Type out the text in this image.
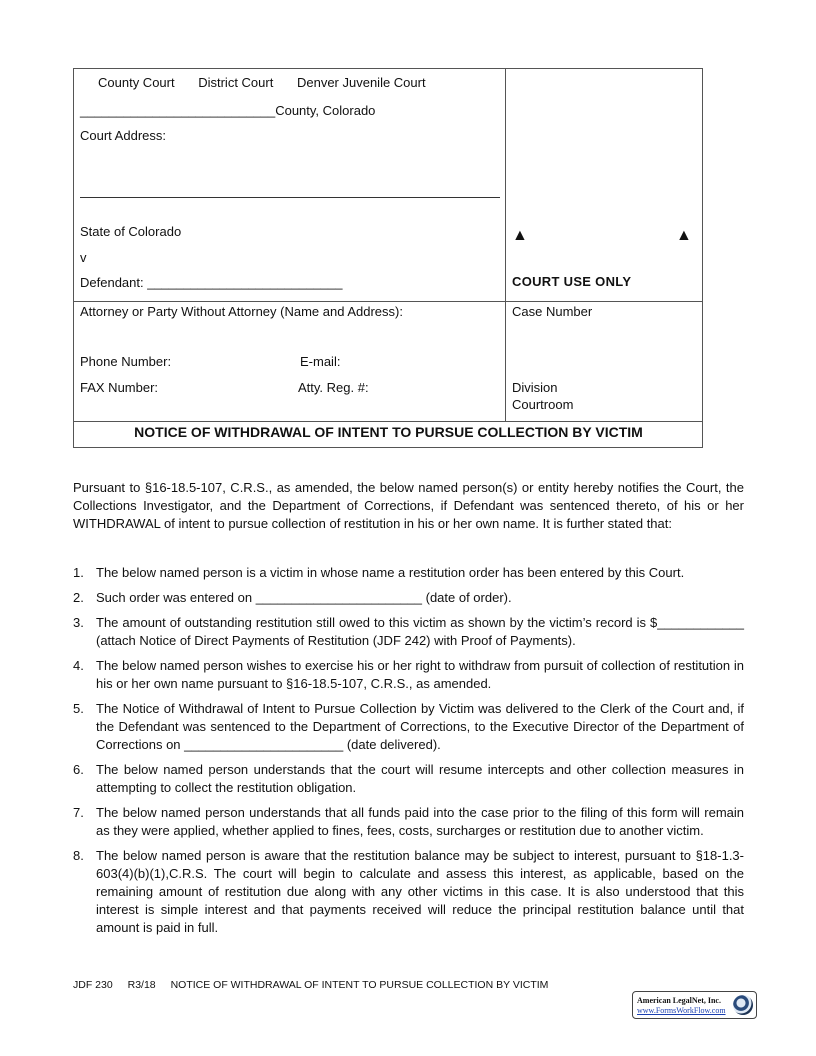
County Court District Court Denver Juvenile Court
___________________________County, Colorado
Court Address:
State of Colorado
v
Defendant: ___________________________
▲	▲
COURT USE ONLY
Attorney or Party Without Attorney (Name and Address):
Phone Number:	E-mail:
FAX Number:	Atty. Reg. #:
Case Number
Division
Courtroom
NOTICE OF WITHDRAWAL OF INTENT TO PURSUE COLLECTION BY VICTIM
Pursuant to §16-18.5-107, C.R.S., as amended, the below named person(s) or entity hereby notifies the Court, the Collections Investigator, and the Department of Corrections, if Defendant was sentenced thereto, of his or her WITHDRAWAL of intent to pursue collection of restitution in his or her own name. It is further stated that:
1. The below named person is a victim in whose name a restitution order has been entered by this Court.
2. Such order was entered on _______________________ (date of order).
3. The amount of outstanding restitution still owed to this victim as shown by the victim’s record is $____________ (attach Notice of Direct Payments of Restitution (JDF 242) with Proof of Payments).
4. The below named person wishes to exercise his or her right to withdraw from pursuit of collection of restitution in his or her own name pursuant to §16-18.5-107, C.R.S., as amended.
5. The Notice of Withdrawal of Intent to Pursue Collection by Victim was delivered to the Clerk of the Court and, if the Defendant was sentenced to the Department of Corrections, to the Executive Director of the Department of Corrections on ______________________ (date delivered).
6. The below named person understands that the court will resume intercepts and other collection measures in attempting to collect the restitution obligation.
7. The below named person understands that all funds paid into the case prior to the filing of this form will remain as they were applied, whether applied to fines, fees, costs, surcharges or restitution due to another victim.
8. The below named person is aware that the restitution balance may be subject to interest, pursuant to §18-1.3-603(4)(b)(1),C.R.S. The court will begin to calculate and assess this interest, as applicable, based on the remaining amount of restitution due along with any other victims in this case. It is also understood that this interest is simple interest and that payments received will reduce the principal restitution balance until that amount is paid in full.
JDF 230 R3/18 NOTICE OF WITHDRAWAL OF INTENT TO PURSUE COLLECTION BY VICTIM
American LegalNet, Inc.
www.FormsWorkFlow.com
